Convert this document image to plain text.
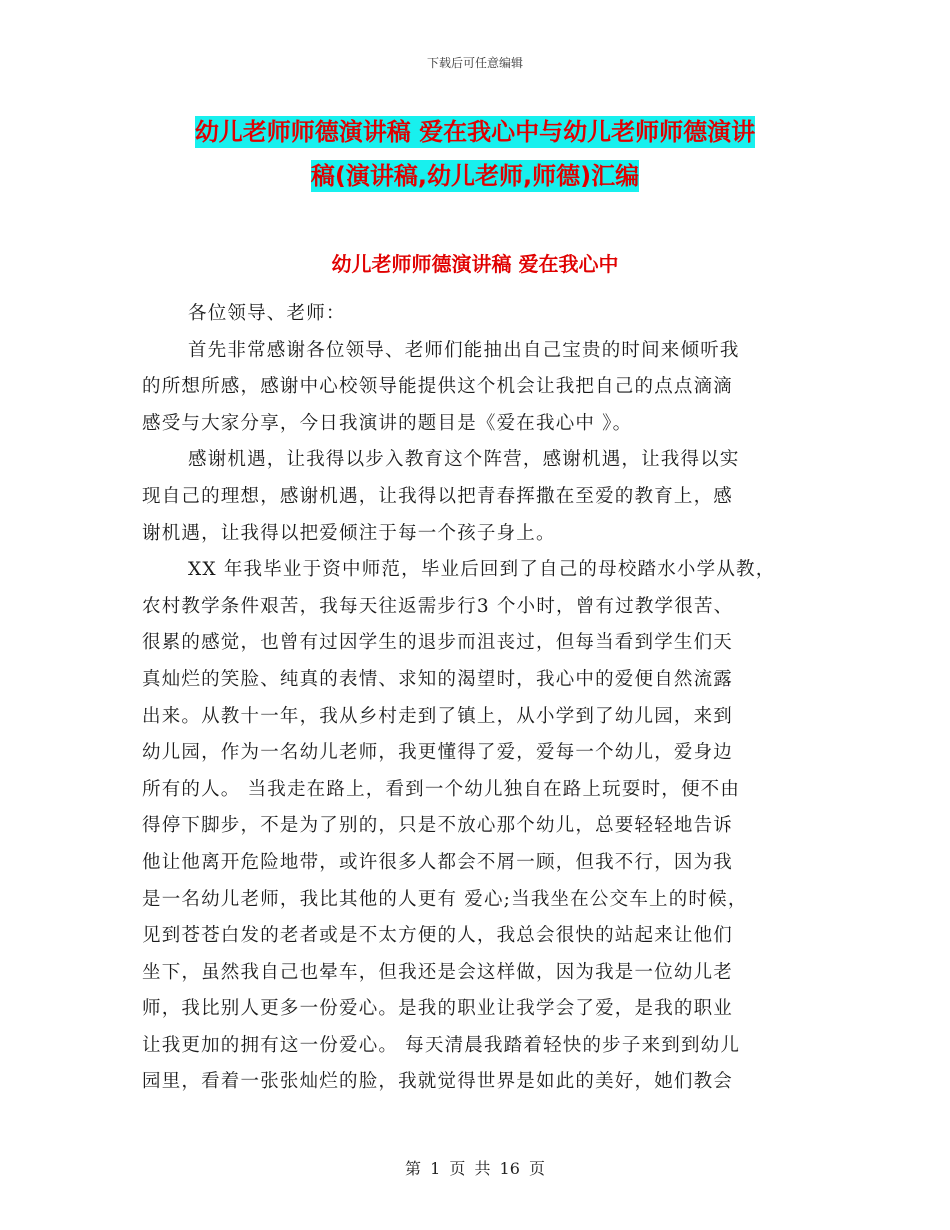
下载后可任意编辑
幼儿老师师德演讲稿 爱在我心中与幼儿老师师德演讲
稿(演讲稿,幼儿老师,师德)汇编
幼儿老师师德演讲稿 爱在我心中

各位领导、老师：

首先非常感谢各位领导、老师们能抽出自己宝贵的时间来倾听我

的所想所感，感谢中心校领导能提供这个机会让我把自己的点点滴滴

感受与大家分享，今日我演讲的题目是《爱在我心中 》。

感谢机遇，让我得以步入教育这个阵营，感谢机遇，让我得以实

现自己的理想，感谢机遇，让我得以把青春挥撒在至爱的教育上，感

谢机遇，让我得以把爱倾注于每一个孩子身上。

XX 年我毕业于资中师范，毕业后回到了自己的母校踏水小学从教，

农村教学条件艰苦，我每天往返需步行3 个小时，曾有过教学很苦、

很累的感觉，也曾有过因学生的退步而沮丧过，但每当看到学生们天

真灿烂的笑脸、纯真的表情、求知的渴望时，我心中的爱便自然流露

出来。从教十一年，我从乡村走到了镇上，从小学到了幼儿园，来到

幼儿园，作为一名幼儿老师，我更懂得了爱，爱每一个幼儿，爱身边

所有的人。 当我走在路上，看到一个幼儿独自在路上玩耍时，便不由

得停下脚步，不是为了别的，只是不放心那个幼儿，总要轻轻地告诉

他让他离开危险地带，或许很多人都会不屑一顾，但我不行，因为我

是一名幼儿老师，我比其他的人更有 爱心;当我坐在公交车上的时候，

见到苍苍白发的老者或是不太方便的人，我总会很快的站起来让他们

坐下，虽然我自己也晕车，但我还是会这样做，因为我是一位幼儿老

师，我比别人更多一份爱心。是我的职业让我学会了爱，是我的职业

让我更加的拥有这一份爱心。 每天清晨我踏着轻快的步子来到到幼儿

园里，看着一张张灿烂的脸，我就觉得世界是如此的美好，她们教会

第 1 页 共 16 页
